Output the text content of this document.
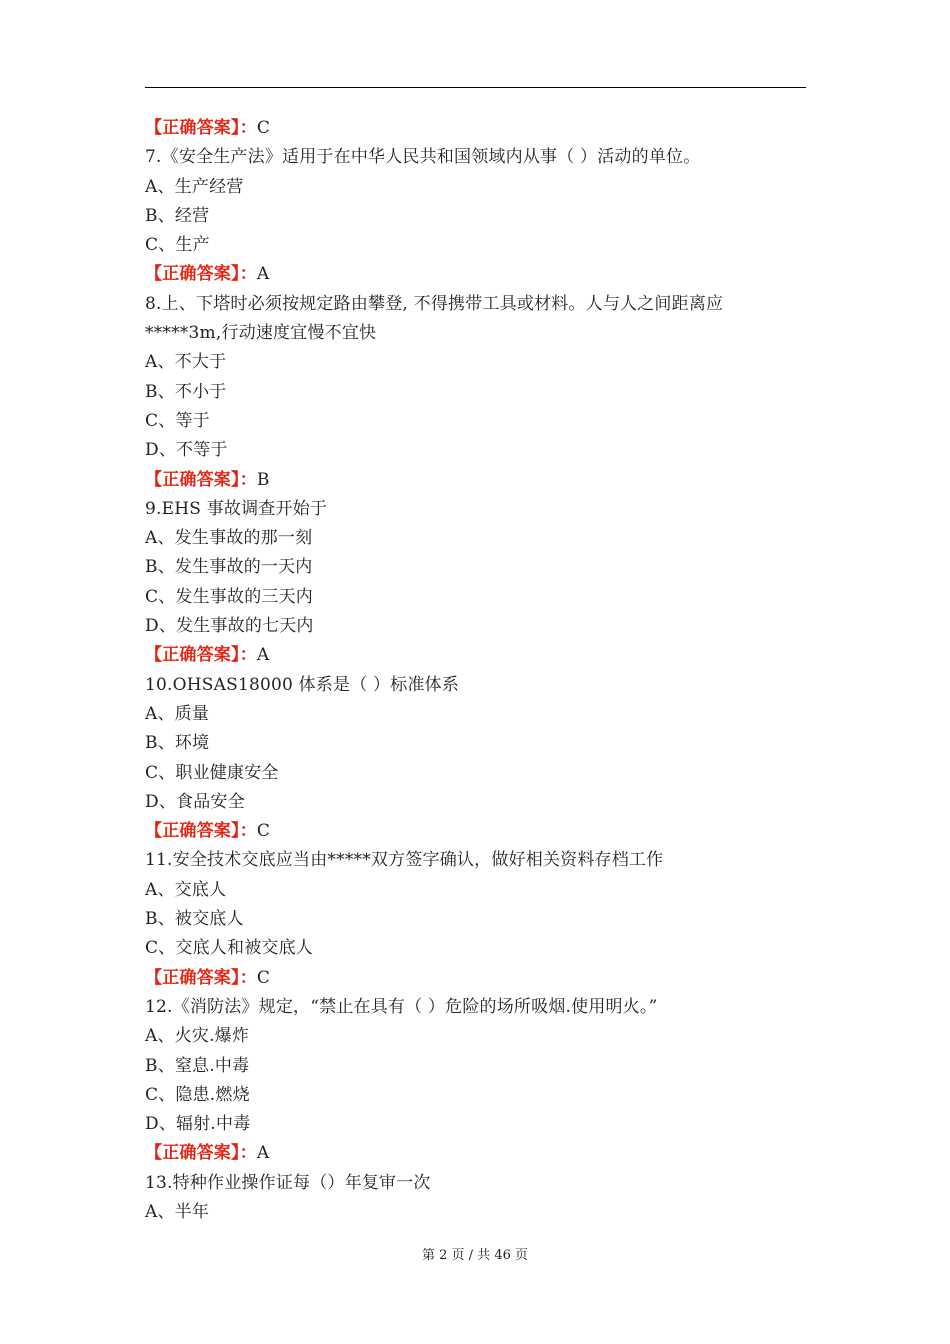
【正确答案】：C
7.《安全生产法》适用于在中华人民共和国领域内从事（ ）活动的单位。
A、生产经营
B、经营
C、生产
【正确答案】：A
8.上、下塔时必须按规定路由攀登, 不得携带工具或材料。人与人之间距离应
*****3m,行动速度宜慢不宜快
A、不大于
B、不小于
C、等于
D、不等于
【正确答案】：B
9.EHS 事故调查开始于
A、发生事故的那一刻
B、发生事故的一天内
C、发生事故的三天内
D、发生事故的七天内
【正确答案】：A
10.OHSAS18000 体系是（ ）标准体系
A、质量
B、环境
C、职业健康安全
D、食品安全
【正确答案】：C
11.安全技术交底应当由*****双方签字确认，做好相关资料存档工作
A、交底人
B、被交底人
C、交底人和被交底人
【正确答案】：C
12.《消防法》规定，“禁止在具有（ ）危险的场所吸烟.使用明火。”
A、火灾.爆炸
B、窒息.中毒
C、隐患.燃烧
D、辐射.中毒
【正确答案】：A
13.特种作业操作证每（）年复审一次
A、半年
第 2 页 / 共 46 页
